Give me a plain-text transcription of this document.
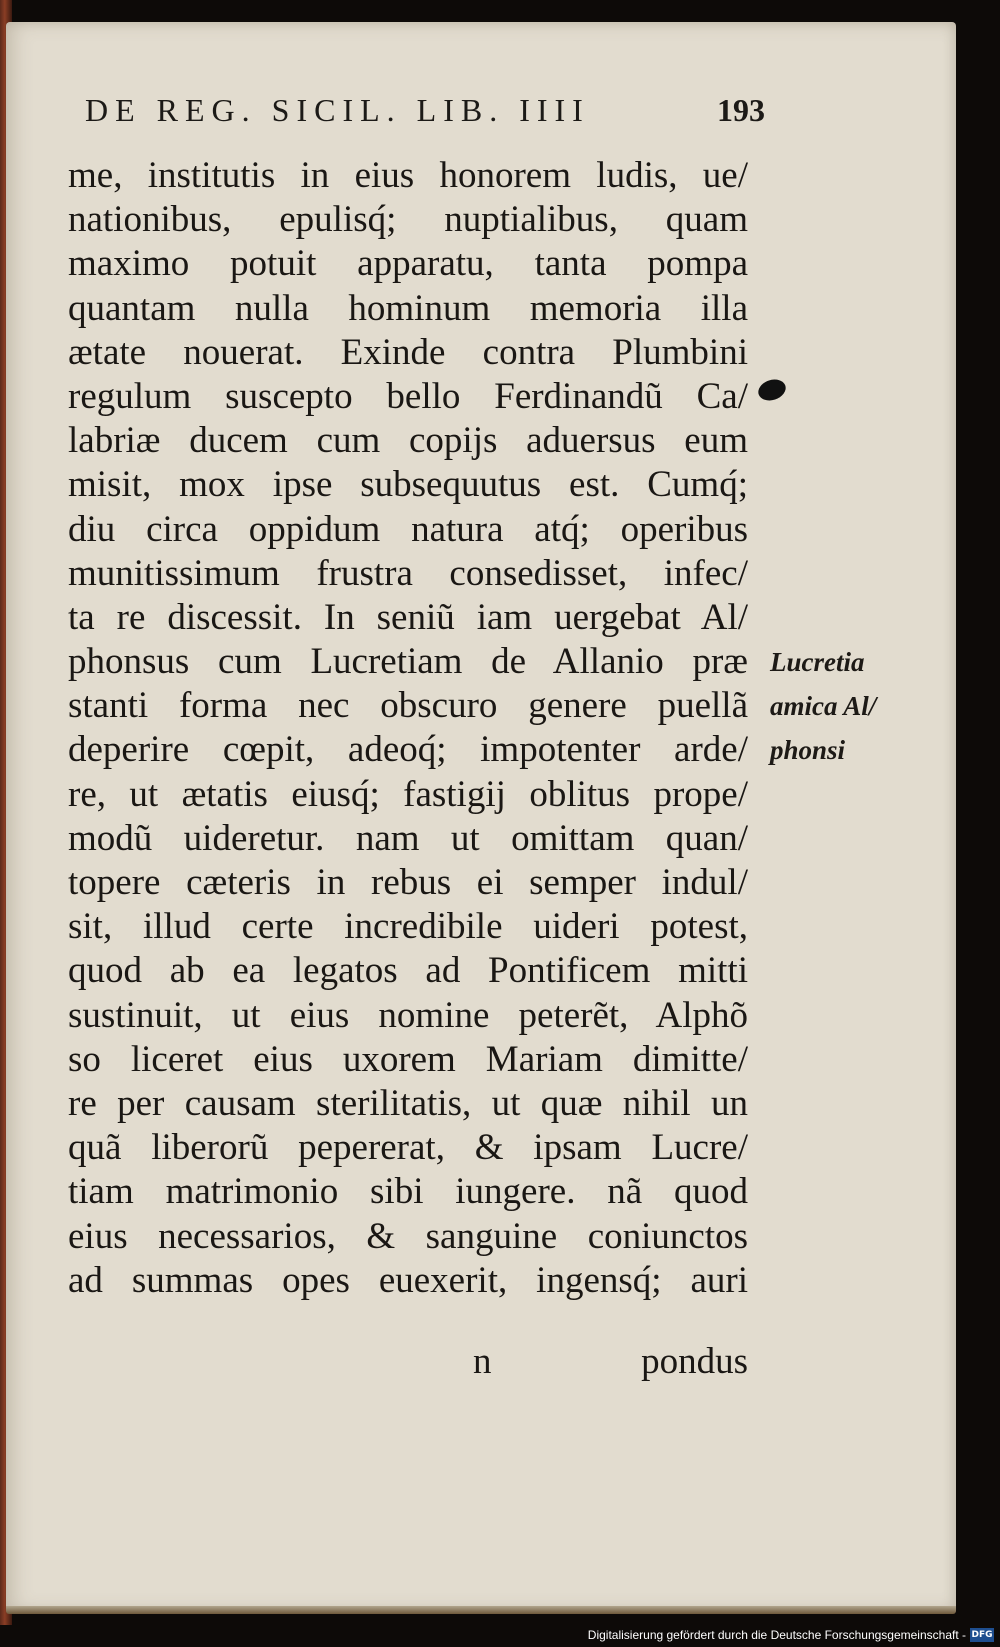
DE REG. SICIL. LIB. IIII	193
me, institutis in eius honorem ludis, ue/
nationibus, epulisq́; nuptialibus, quam
maximo potuit apparatu, tanta pompa
quantam nulla hominum memoria illa
ætate nouerat. Exinde contra Plumbini
regulum suscepto bello Ferdinandũ Ca/
labriæ ducem cum copijs aduersus eum
misit, mox ipse subsequutus est. Cumq́;
diu circa oppidum natura atq́; operibus
munitissimum frustra consedisset, infec/
ta re discessit. In seniũ iam uergebat Al/
phonsus cum Lucretiam de Allanio præ
stanti forma nec obscuro genere puellã
deperire cœpit, adeoq́; impotenter arde/
re, ut ætatis eiusq́; fastigij oblitus prope/
modũ uideretur. nam ut omittam quan/
topere cæteris in rebus ei semper indul/
sit, illud certe incredibile uideri potest,
quod ab ea legatos ad Pontificem mitti
sustinuit, ut eius nomine peterẽt, Alphõ
so liceret eius uxorem Mariam dimitte/
re per causam sterilitatis, ut quæ nihil un
quã liberorũ pepererat, & ipsam Lucre/
tiam matrimonio sibi iungere. nã quod
eius necessarios, & sanguine coniunctos
ad summas opes euexerit, ingensq́; auri
n	pondus
Lucretia
amica Al/
phonsi
Digitalisierung gefördert durch die Deutsche Forschungsgemeinschaft - DFG
